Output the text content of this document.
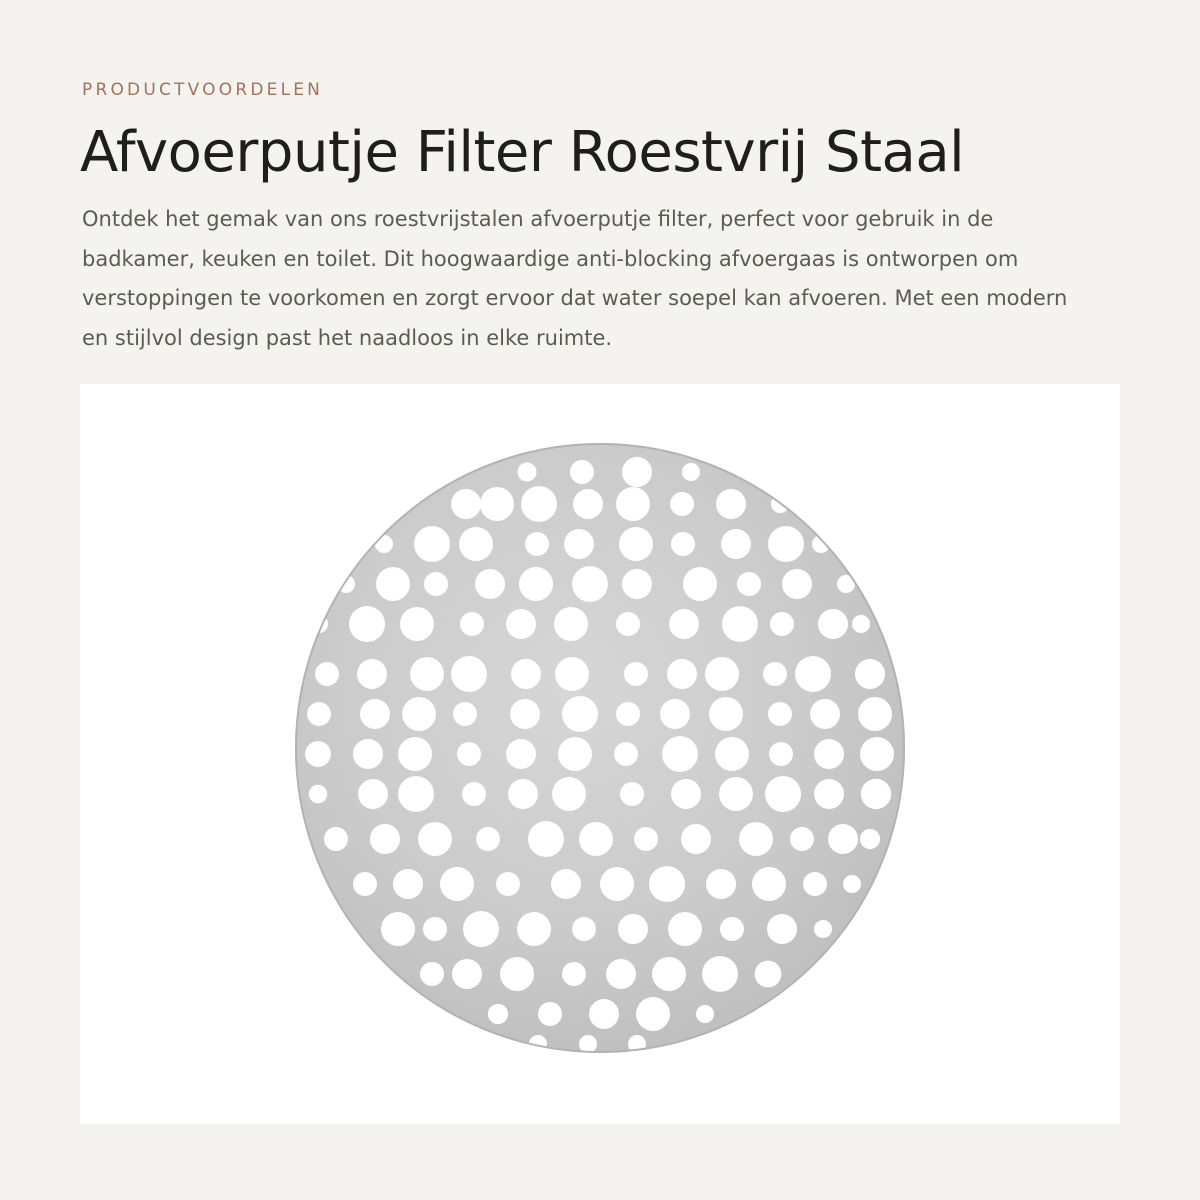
PRODUCTVOORDELEN
Afvoerputje Filter Roestvrij Staal

Ontdek het gemak van ons roestvrijstalen afvoerputje filter, perfect voor gebruik in de badkamer, keuken en toilet. Dit hoogwaardige anti-blocking afvoergaas is ontworpen om verstoppingen te voorkomen en zorgt ervoor dat water soepel kan afvoeren. Met een modern en stijlvol design past het naadloos in elke ruimte.
